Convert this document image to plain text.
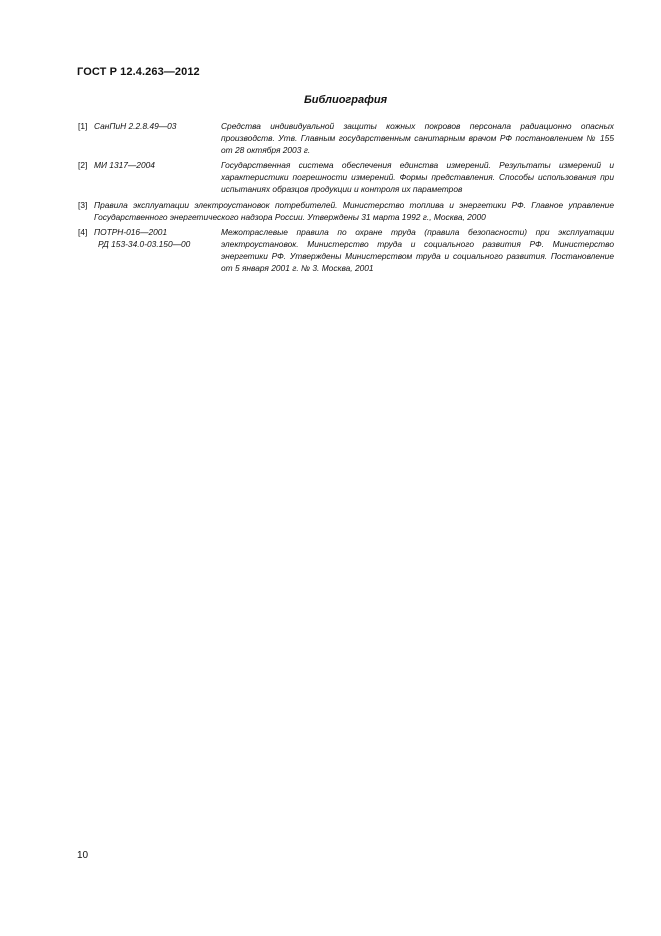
ГОСТ Р 12.4.263—2012
Библиография
[1] СанПиН 2.2.8.49—03	Средства индивидуальной защиты кожных покровов персонала радиационно опасных производств. Утв. Главным государственным санитарным врачом РФ постановлением № 155 от 28 октября 2003 г.
[2] МИ 1317—2004	Государственная система обеспечения единства измерений. Результаты измерений и характеристики погрешности измерений. Формы представления. Способы использования при испытаниях образцов продукции и контроля их параметров
[3] Правила эксплуатации электроустановок потребителей. Министерство топлива и энергетики РФ. Главное управление Государственного энергетического надзора России. Утверждены 31 марта 1992 г., Москва, 2000
[4] ПОТРН-016—2001
РД 153-34.0-03.150—00
Межотраслевые правила по охране труда (правила безопасности) при эксплуатации электроустановок. Министерство труда и социального развития РФ. Министерство энергетики РФ. Утверждены Министерством труда и социального развития. Постановление от 5 января 2001 г. № 3. Москва, 2001
10
